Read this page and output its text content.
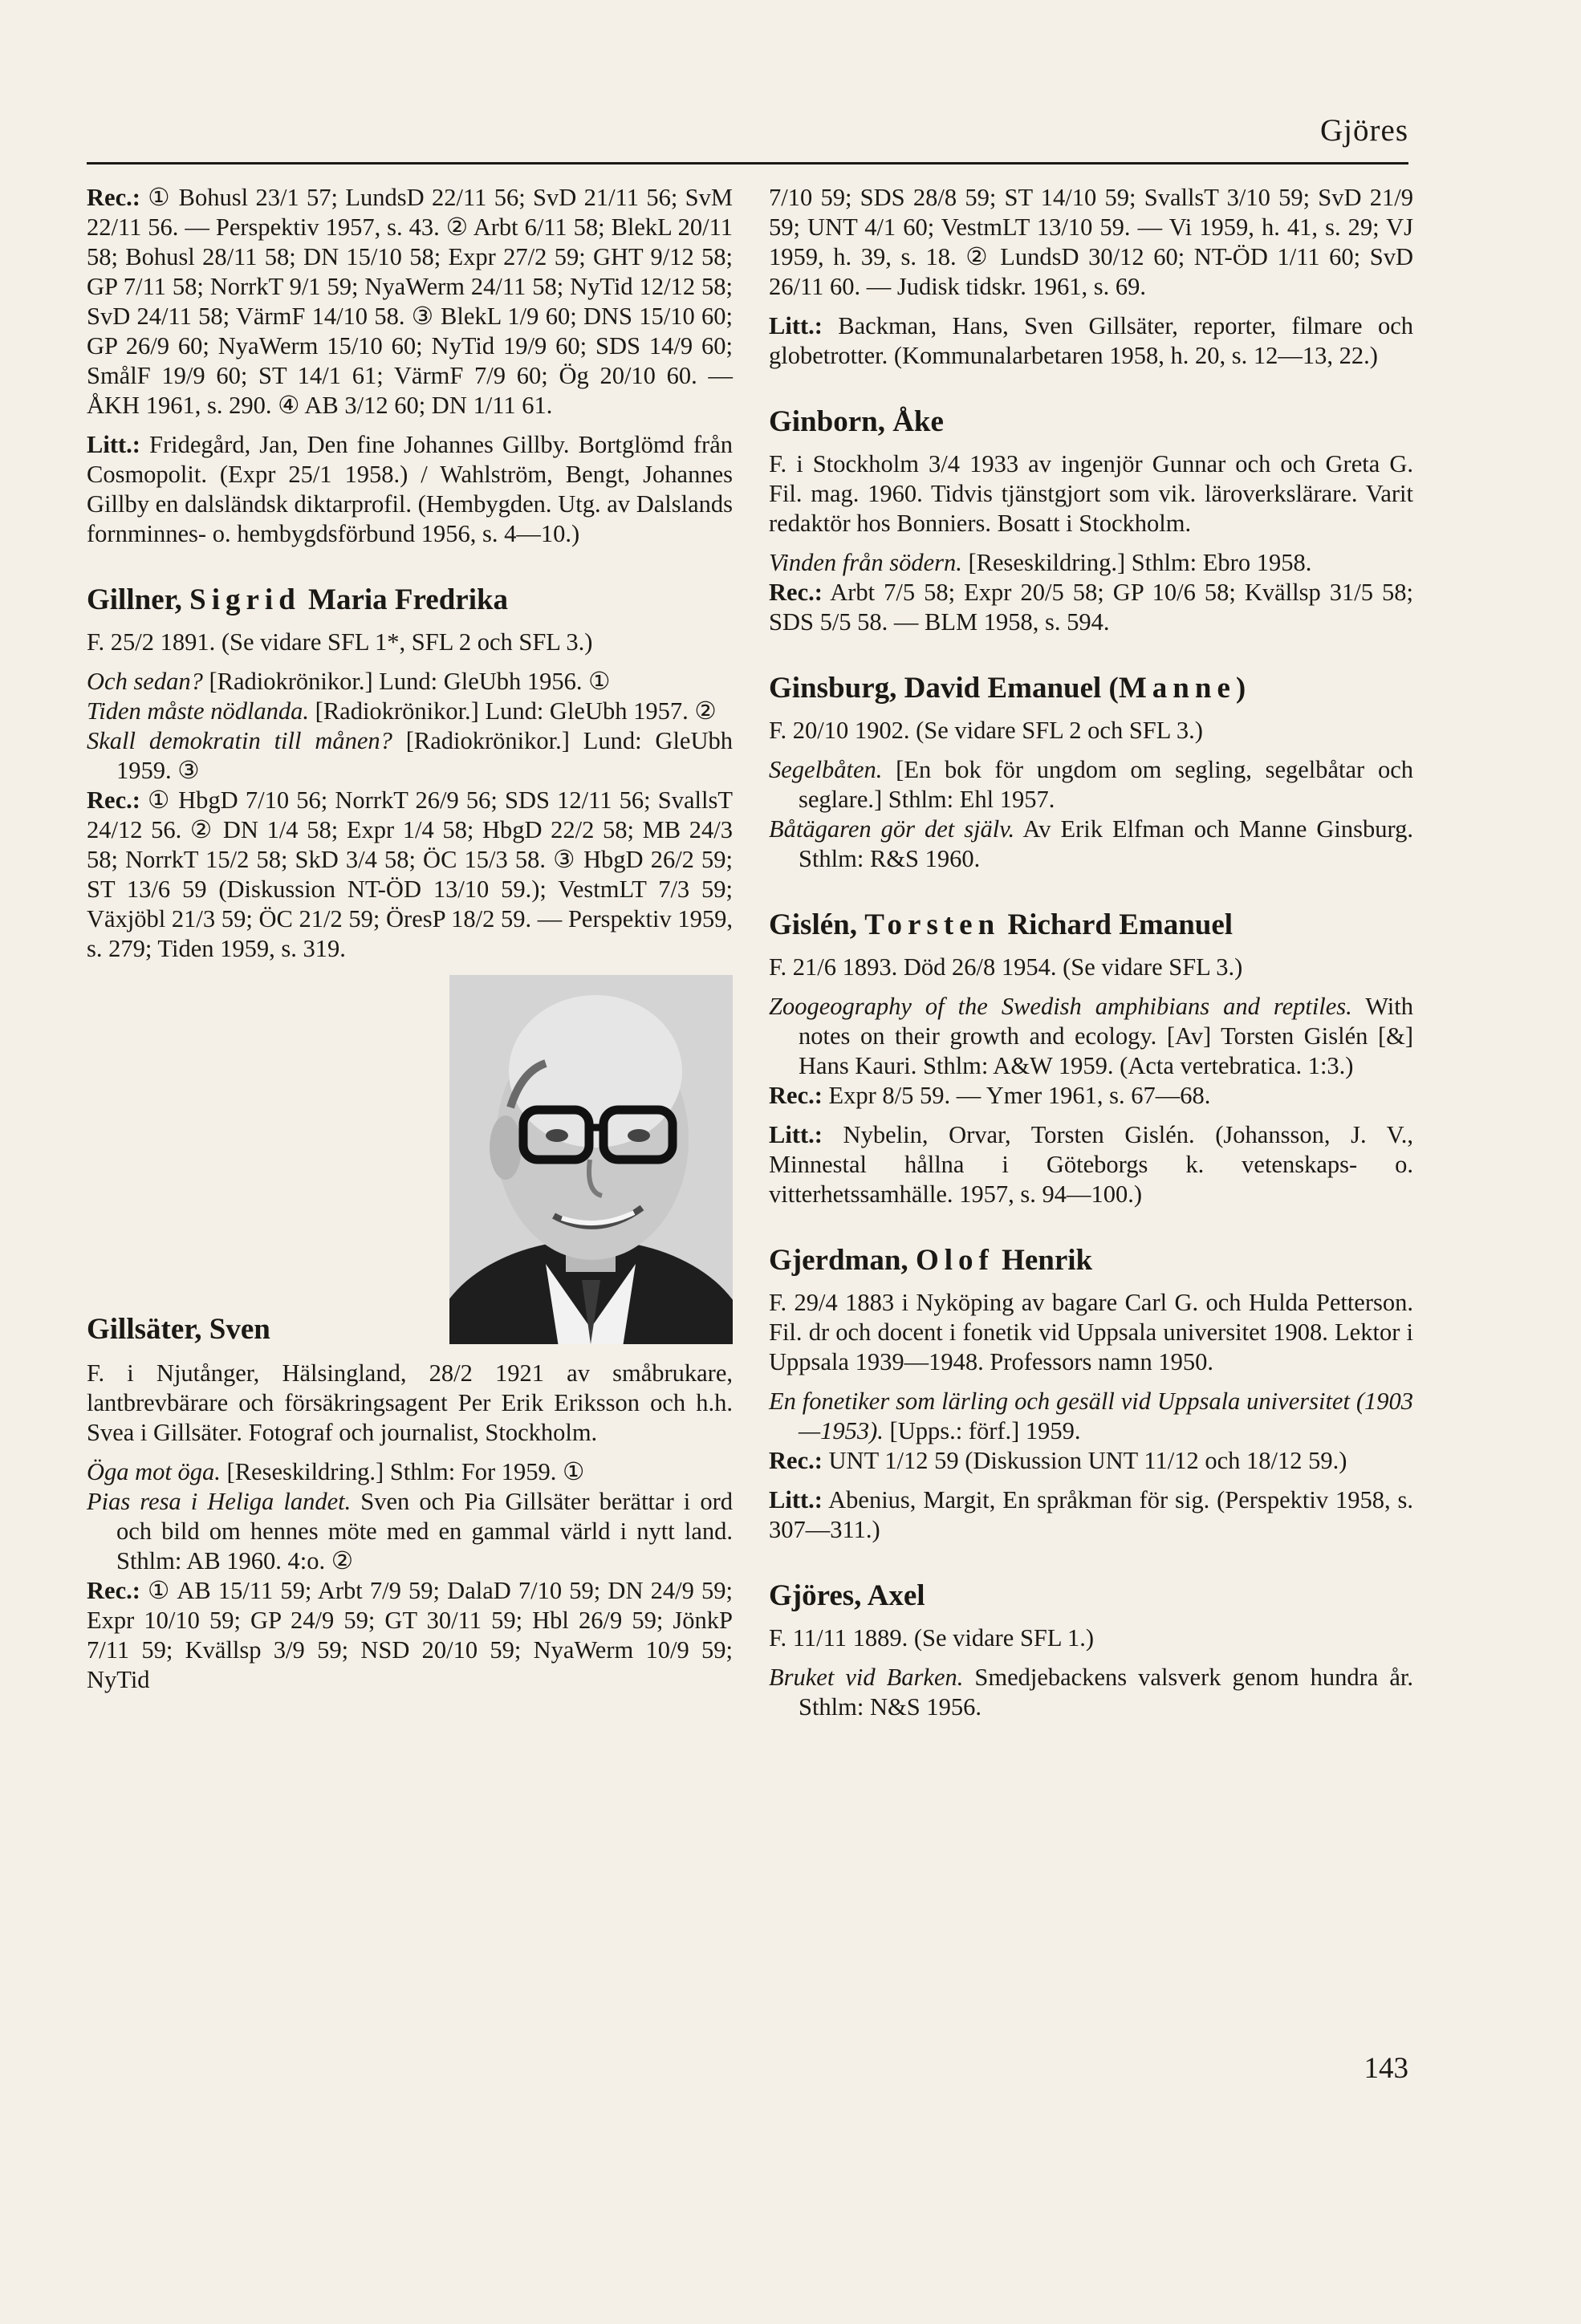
Gjöres

Rec.: ① Bohusl 23/1 57; LundsD 22/11 56; SvD 21/11 56; SvM 22/11 56. — Perspektiv 1957, s. 43. ② Arbt 6/11 58; BlekL 20/11 58; Bohusl 28/11 58; DN 15/10 58; Expr 27/2 59; GHT 9/12 58; GP 7/11 58; NorrkT 9/1 59; NyaWerm 24/11 58; NyTid 12/12 58; SvD 24/11 58; VärmF 14/10 58. ③ BlekL 1/9 60; DNS 15/10 60; GP 26/9 60; NyaWerm 15/10 60; NyTid 19/9 60; SDS 14/9 60; SmålF 19/9 60; ST 14/1 61; VärmF 7/9 60; Ög 20/10 60. — ÅKH 1961, s. 290. ④ AB 3/12 60; DN 1/11 61.

Litt.: Fridegård, Jan, Den fine Johannes Gillby. Bortglömd från Cosmopolit. (Expr 25/1 1958.) / Wahlström, Bengt, Johannes Gillby en dalsländsk diktarprofil. (Hembygden. Utg. av Dalslands fornminnes- o. hembygdsförbund 1956, s. 4—10.)

Gillner, Sigrid Maria Fredrika

F. 25/2 1891. (Se vidare SFL 1*, SFL 2 och SFL 3.)

Och sedan? [Radiokrönikor.] Lund: GleUbh 1956. ①

Tiden måste nödlanda. [Radiokrönikor.] Lund: GleUbh 1957. ②

Skall demokratin till månen? [Radiokrönikor.] Lund: GleUbh 1959. ③

Rec.: ① HbgD 7/10 56; NorrkT 26/9 56; SDS 12/11 56; SvallsT 24/12 56. ② DN 1/4 58; Expr 1/4 58; HbgD 22/2 58; MB 24/3 58; NorrkT 15/2 58; SkD 3/4 58; ÖC 15/3 58. ③ HbgD 26/2 59; ST 13/6 59 (Diskussion NT-ÖD 13/10 59.); VestmLT 7/3 59; Växjöbl 21/3 59; ÖC 21/2 59; ÖresP 18/2 59. — Perspektiv 1959, s. 279; Tiden 1959, s. 319.

Gillsäter, Sven

F. i Njutånger, Hälsingland, 28/2 1921 av småbrukare, lantbrevbärare och försäkringsagent Per Erik Eriksson och h.h. Svea i Gillsäter. Fotograf och journalist, Stockholm.

Öga mot öga. [Reseskildring.] Sthlm: For 1959. ①

Pias resa i Heliga landet. Sven och Pia Gillsäter berättar i ord och bild om hennes möte med en gammal värld i nytt land. Sthlm: AB 1960. 4:o. ②

Rec.: ① AB 15/11 59; Arbt 7/9 59; DalaD 7/10 59; DN 24/9 59; Expr 10/10 59; GP 24/9 59; GT 30/11 59; Hbl 26/9 59; JönkP 7/11 59; Kvällsp 3/9 59; NSD 20/10 59; NyaWerm 10/9 59; NyTid

7/10 59; SDS 28/8 59; ST 14/10 59; SvallsT 3/10 59; SvD 21/9 59; UNT 4/1 60; VestmLT 13/10 59. — Vi 1959, h. 41, s. 29; VJ 1959, h. 39, s. 18. ② LundsD 30/12 60; NT-ÖD 1/11 60; SvD 26/11 60. — Judisk tidskr. 1961, s. 69.

Litt.: Backman, Hans, Sven Gillsäter, reporter, filmare och globetrotter. (Kommunalarbetaren 1958, h. 20, s. 12—13, 22.)

Ginborn, Åke

F. i Stockholm 3/4 1933 av ingenjör Gunnar och och Greta G. Fil. mag. 1960. Tidvis tjänstgjort som vik. läroverkslärare. Varit redaktör hos Bonniers. Bosatt i Stockholm.

Vinden från södern. [Reseskildring.] Sthlm: Ebro 1958.

Rec.: Arbt 7/5 58; Expr 20/5 58; GP 10/6 58; Kvällsp 31/5 58; SDS 5/5 58. — BLM 1958, s. 594.

Ginsburg, David Emanuel (Manne)

F. 20/10 1902. (Se vidare SFL 2 och SFL 3.)

Segelbåten. [En bok för ungdom om segling, segelbåtar och seglare.] Sthlm: Ehl 1957.

Båtägaren gör det själv. Av Erik Elfman och Manne Ginsburg. Sthlm: R&S 1960.

Gislén, Torsten Richard Emanuel

F. 21/6 1893. Död 26/8 1954. (Se vidare SFL 3.)

Zoogeography of the Swedish amphibians and reptiles. With notes on their growth and ecology. [Av] Torsten Gislén [&] Hans Kauri. Sthlm: A&W 1959. (Acta vertebratica. 1:3.)

Rec.: Expr 8/5 59. — Ymer 1961, s. 67—68.

Litt.: Nybelin, Orvar, Torsten Gislén. (Johansson, J. V., Minnestal hållna i Göteborgs k. vetenskaps- o. vitterhetssamhälle. 1957, s. 94—100.)

Gjerdman, Olof Henrik

F. 29/4 1883 i Nyköping av bagare Carl G. och Hulda Petterson. Fil. dr och docent i fonetik vid Uppsala universitet 1908. Lektor i Uppsala 1939—1948. Professors namn 1950.

En fonetiker som lärling och gesäll vid Uppsala universitet (1903—1953). [Upps.: förf.] 1959.

Rec.: UNT 1/12 59 (Diskussion UNT 11/12 och 18/12 59.)

Litt.: Abenius, Margit, En språkman för sig. (Perspektiv 1958, s. 307—311.)

Gjöres, Axel

F. 11/11 1889. (Se vidare SFL 1.)

Bruket vid Barken. Smedjebackens valsverk genom hundra år. Sthlm: N&S 1956.

143
